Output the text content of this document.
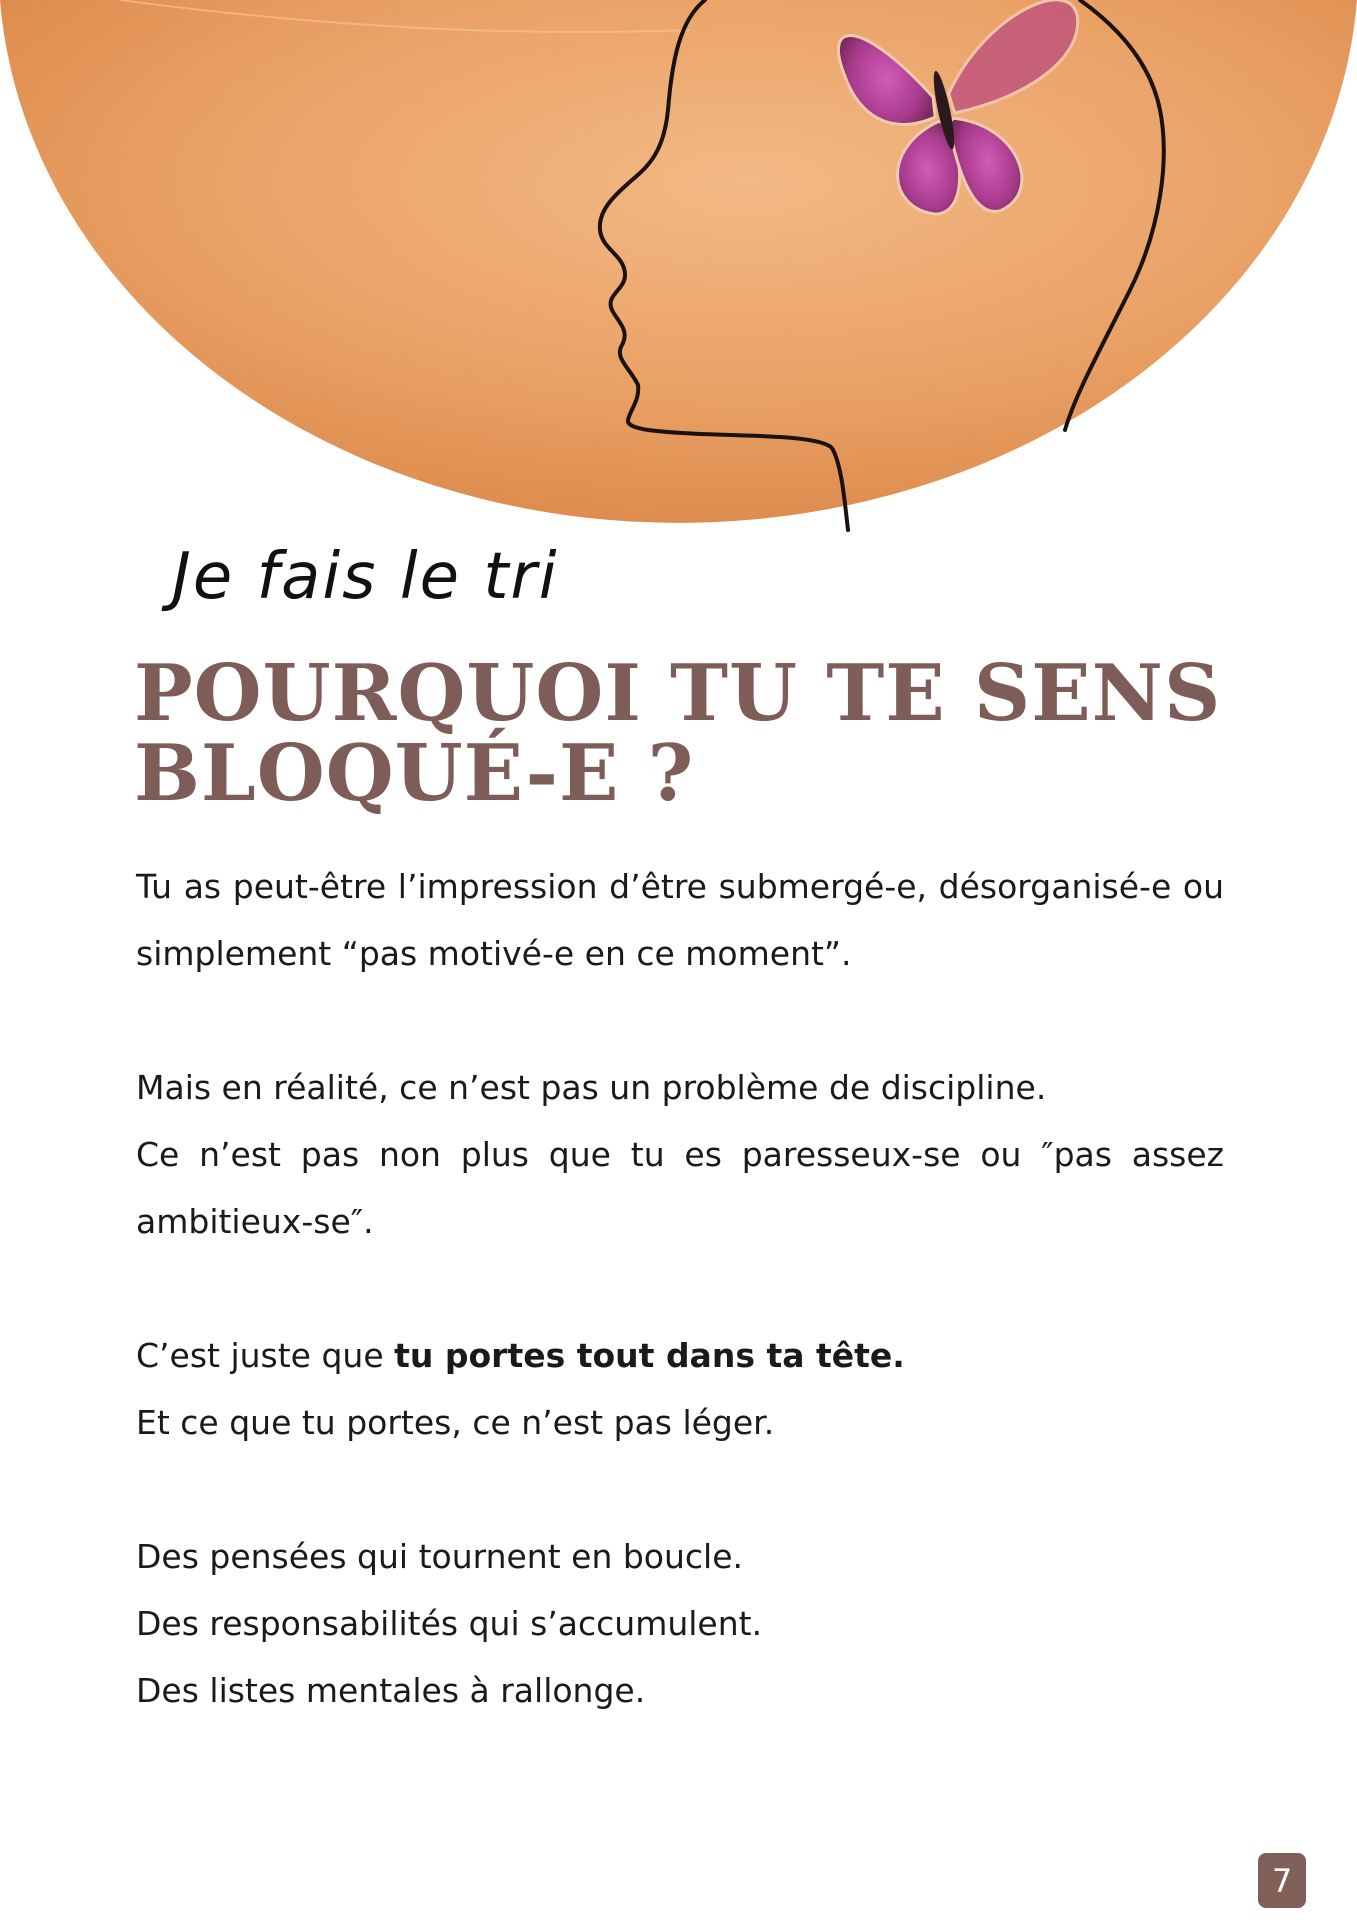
Je fais le tri
POURQUOI TU TE SENS
BLOQUÉ-E ?

Tu as peut-être l’impression d’être submergé-e, désorganisé-e ou simplement “pas motivé-e en ce moment”.

Mais en réalité, ce n’est pas un problème de discipline.

Ce n’est pas non plus que tu es paresseux-se ou ″pas assez ambitieux-se″.

C’est juste que tu portes tout dans ta tête.

Et ce que tu portes, ce n’est pas léger.

Des pensées qui tournent en boucle.

Des responsabilités qui s’accumulent.

Des listes mentales à rallonge.

7
